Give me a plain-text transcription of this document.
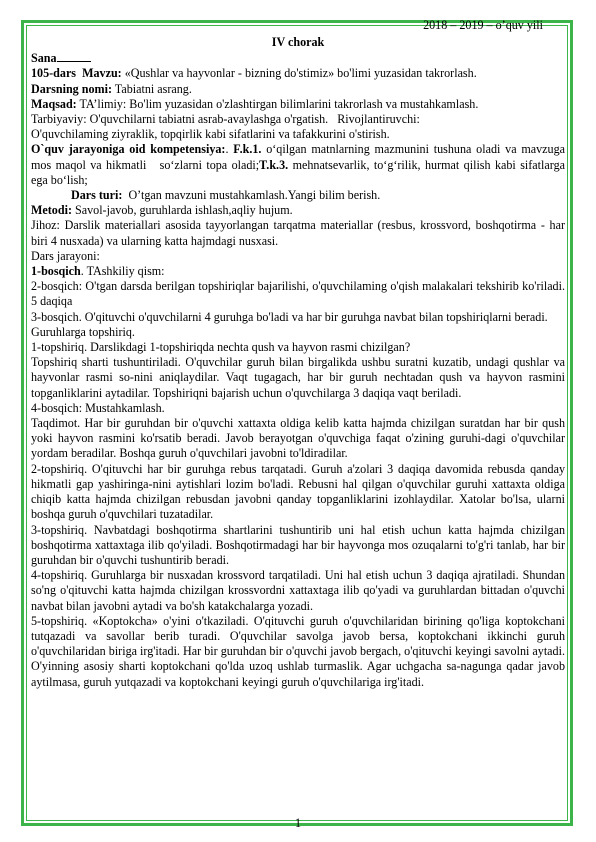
2018 – 2019 – o’quv yili
IV chorak

Sana

105-dars Mavzu: «Qushlar va hayvonlar - bizning do'stimiz» bo'limi yuzasidan takrorlash.

Darsning nomi: Tabiatni asrang.

Maqsad: TA’limiy: Bo'lim yuzasidan o'zlashtirgan bilimlarini takrorlash va mustahkamlash.

Tarbiyaviy: O'quvchilarni tabiatni asrab-avaylashga o'rgatish.   Rivojlantiruvchi:

O'quvchilaming ziyraklik, topqirlik kabi sifatlarini va tafakkurini o'stirish.

O`quv jarayoniga oid kompetensiya:. F.k.1. o‘qilgan matnlarning mazmunini tushuna oladi va mavzuga mos maqol va hikmatli   so‘zlarni topa oladi;T.k.3. mehnatsevarlik, to‘g‘rilik, hurmat qilish kabi sifatlarga ega bo‘lish;

Dars turi:  O’tgan mavzuni mustahkamlash.Yangi bilim berish.

Metodi: Savol-javob, guruhlarda ishlash,aqliy hujum.

Jihoz: Darslik materiallari asosida tayyorlangan tarqatma materiallar (resbus, krossvord, boshqotirma - har biri 4 nusxada) va ularning katta hajmdagi nusxasi.

Dars jarayoni:

1-bosqich. TAshkiliy qism:

2-bosqich: O'tgan darsda berilgan topshiriqlar bajarilishi, o'quvchilaming o'qish malakalari tekshirib ko'riladi. 5 daqiqa

3-bosqich. O'qituvchi o'quvchilarni 4 guruhga bo'ladi va har bir guruhga navbat bilan topshiriqlarni beradi.

Guruhlarga topshiriq.

1-topshiriq. Darslikdagi 1-topshiriqda nechta qush va hayvon rasmi chizilgan?

Topshiriq sharti tushuntiriladi. O'quvchilar guruh bilan birgalikda ushbu suratni kuzatib, undagi qushlar va hayvonlar rasmi so-nini aniqlaydilar. Vaqt tugagach, har bir guruh nechtadan qush va hayvon rasmini topganliklarini aytadilar. Topshiriqni bajarish uchun o'quvchilarga 3 daqiqa vaqt beriladi.

4-bosqich: Mustahkamlash.

Taqdimot. Har bir guruhdan bir o'quvchi xattaxta oldiga kelib katta hajmda chizilgan suratdan har bir qush yoki hayvon rasmini ko'rsatib beradi. Javob berayotgan o'quvchiga faqat o'zining guruhi-dagi o'quvchilar yordam beradilar. Boshqa guruh o'quvchilari javobni to'ldiradilar.

2-topshiriq. O'qituvchi har bir guruhga rebus tarqatadi. Guruh a'zolari 3 daqiqa davomida rebusda qanday hikmatli gap yashiringa-nini aytishlari lozim bo'ladi. Rebusni hal qilgan o'quvchilar guruhi xattaxta oldiga chiqib katta hajmda chizilgan rebusdan javobni qanday topganliklarini izohlaydilar. Xatolar bo'lsa, ularni boshqa guruh o'quvchilari tuzatadilar.

3-topshiriq. Navbatdagi boshqotirma shartlarini tushuntirib uni hal etish uchun katta hajmda chizilgan boshqotirma xattaxtaga ilib qo'yiladi. Boshqotirmadagi har bir hayvonga mos ozuqalarni to'g'ri tanlab, har bir guruhdan bir o'quvchi tushuntirib beradi.

4-topshiriq. Guruhlarga bir nusxadan krossvord tarqatiladi. Uni hal etish uchun 3 daqiqa ajratiladi. Shundan so'ng o'qituvchi katta hajmda chizilgan krossvordni xattaxtaga ilib qo'yadi va guruhlardan bittadan o'quvchi navbat bilan javobni aytadi va bo'sh katakchalarga yozadi.

5-topshiriq. «Koptokcha» o'yini o'tkaziladi. O'qituvchi guruh o'quvchilaridan birining qo'liga koptokchani tutqazadi va savollar berib turadi. O'quvchilar savolga javob bersa, koptokchani ikkinchi guruh o'quvchilaridan biriga irg'itadi. Har bir guruhdan bir o'quvchi javob bergach, o'qituvchi keyingi savolni aytadi. O'yinning asosiy sharti koptokchani qo'lda uzoq ushlab turmaslik. Agar uchgacha sa-nagunga qadar javob aytilmasa, guruh yutqazadi va koptokchani keyingi guruh o'quvchilariga irg'itadi.

1
